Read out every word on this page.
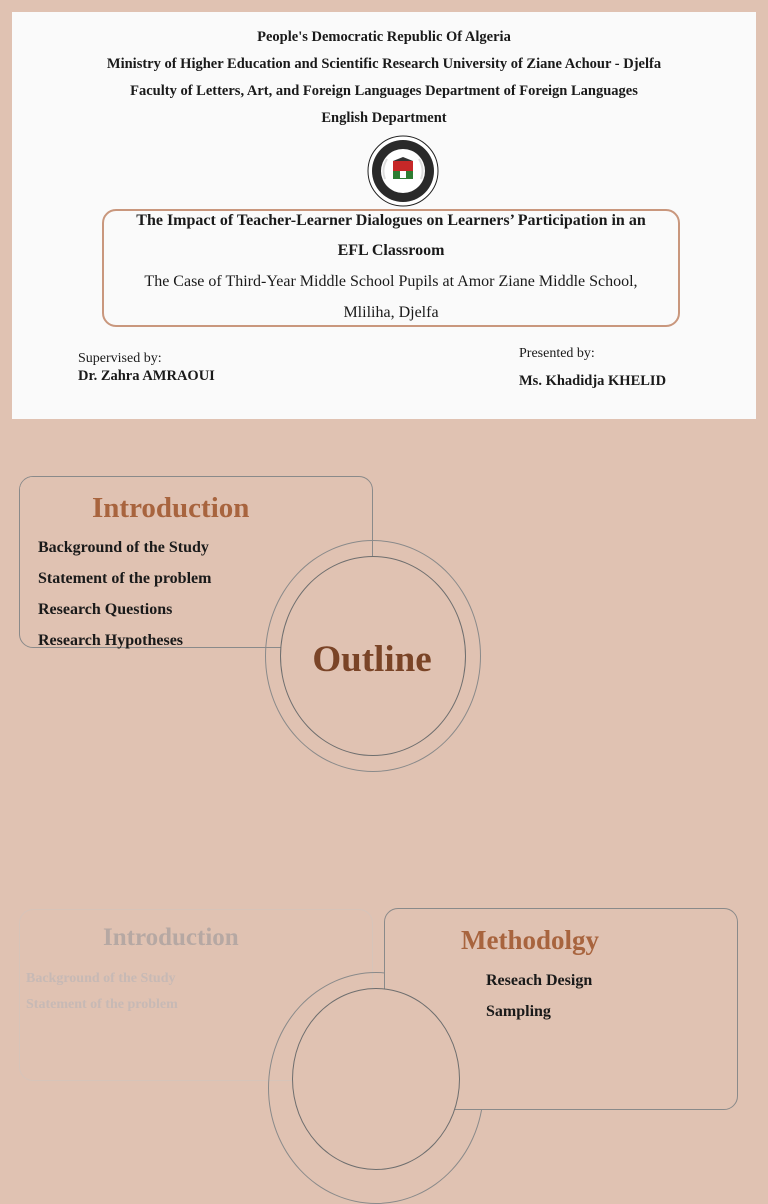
People's Democratic Republic Of Algeria
Ministry of Higher Education and Scientific Research University of Ziane Achour - Djelfa
Faculty of Letters, Art, and Foreign Languages Department of Foreign Languages
English Department
The Impact of Teacher-Learner Dialogues on Learners’ Participation in an
EFL Classroom
The Case of Third-Year Middle School Pupils at Amor Ziane Middle School,
Mliliha, Djelfa
Supervised by:
Dr. Zahra AMRAOUI
Presented by:
Ms. Khadidja KHELID
Outline
Introduction
Background of the Study
Statement of the problem
Research Questions
Research Hypotheses
Introduction
Background of the Study
Statement of the problem
Methodolgy
Reseach Design
Sampling
